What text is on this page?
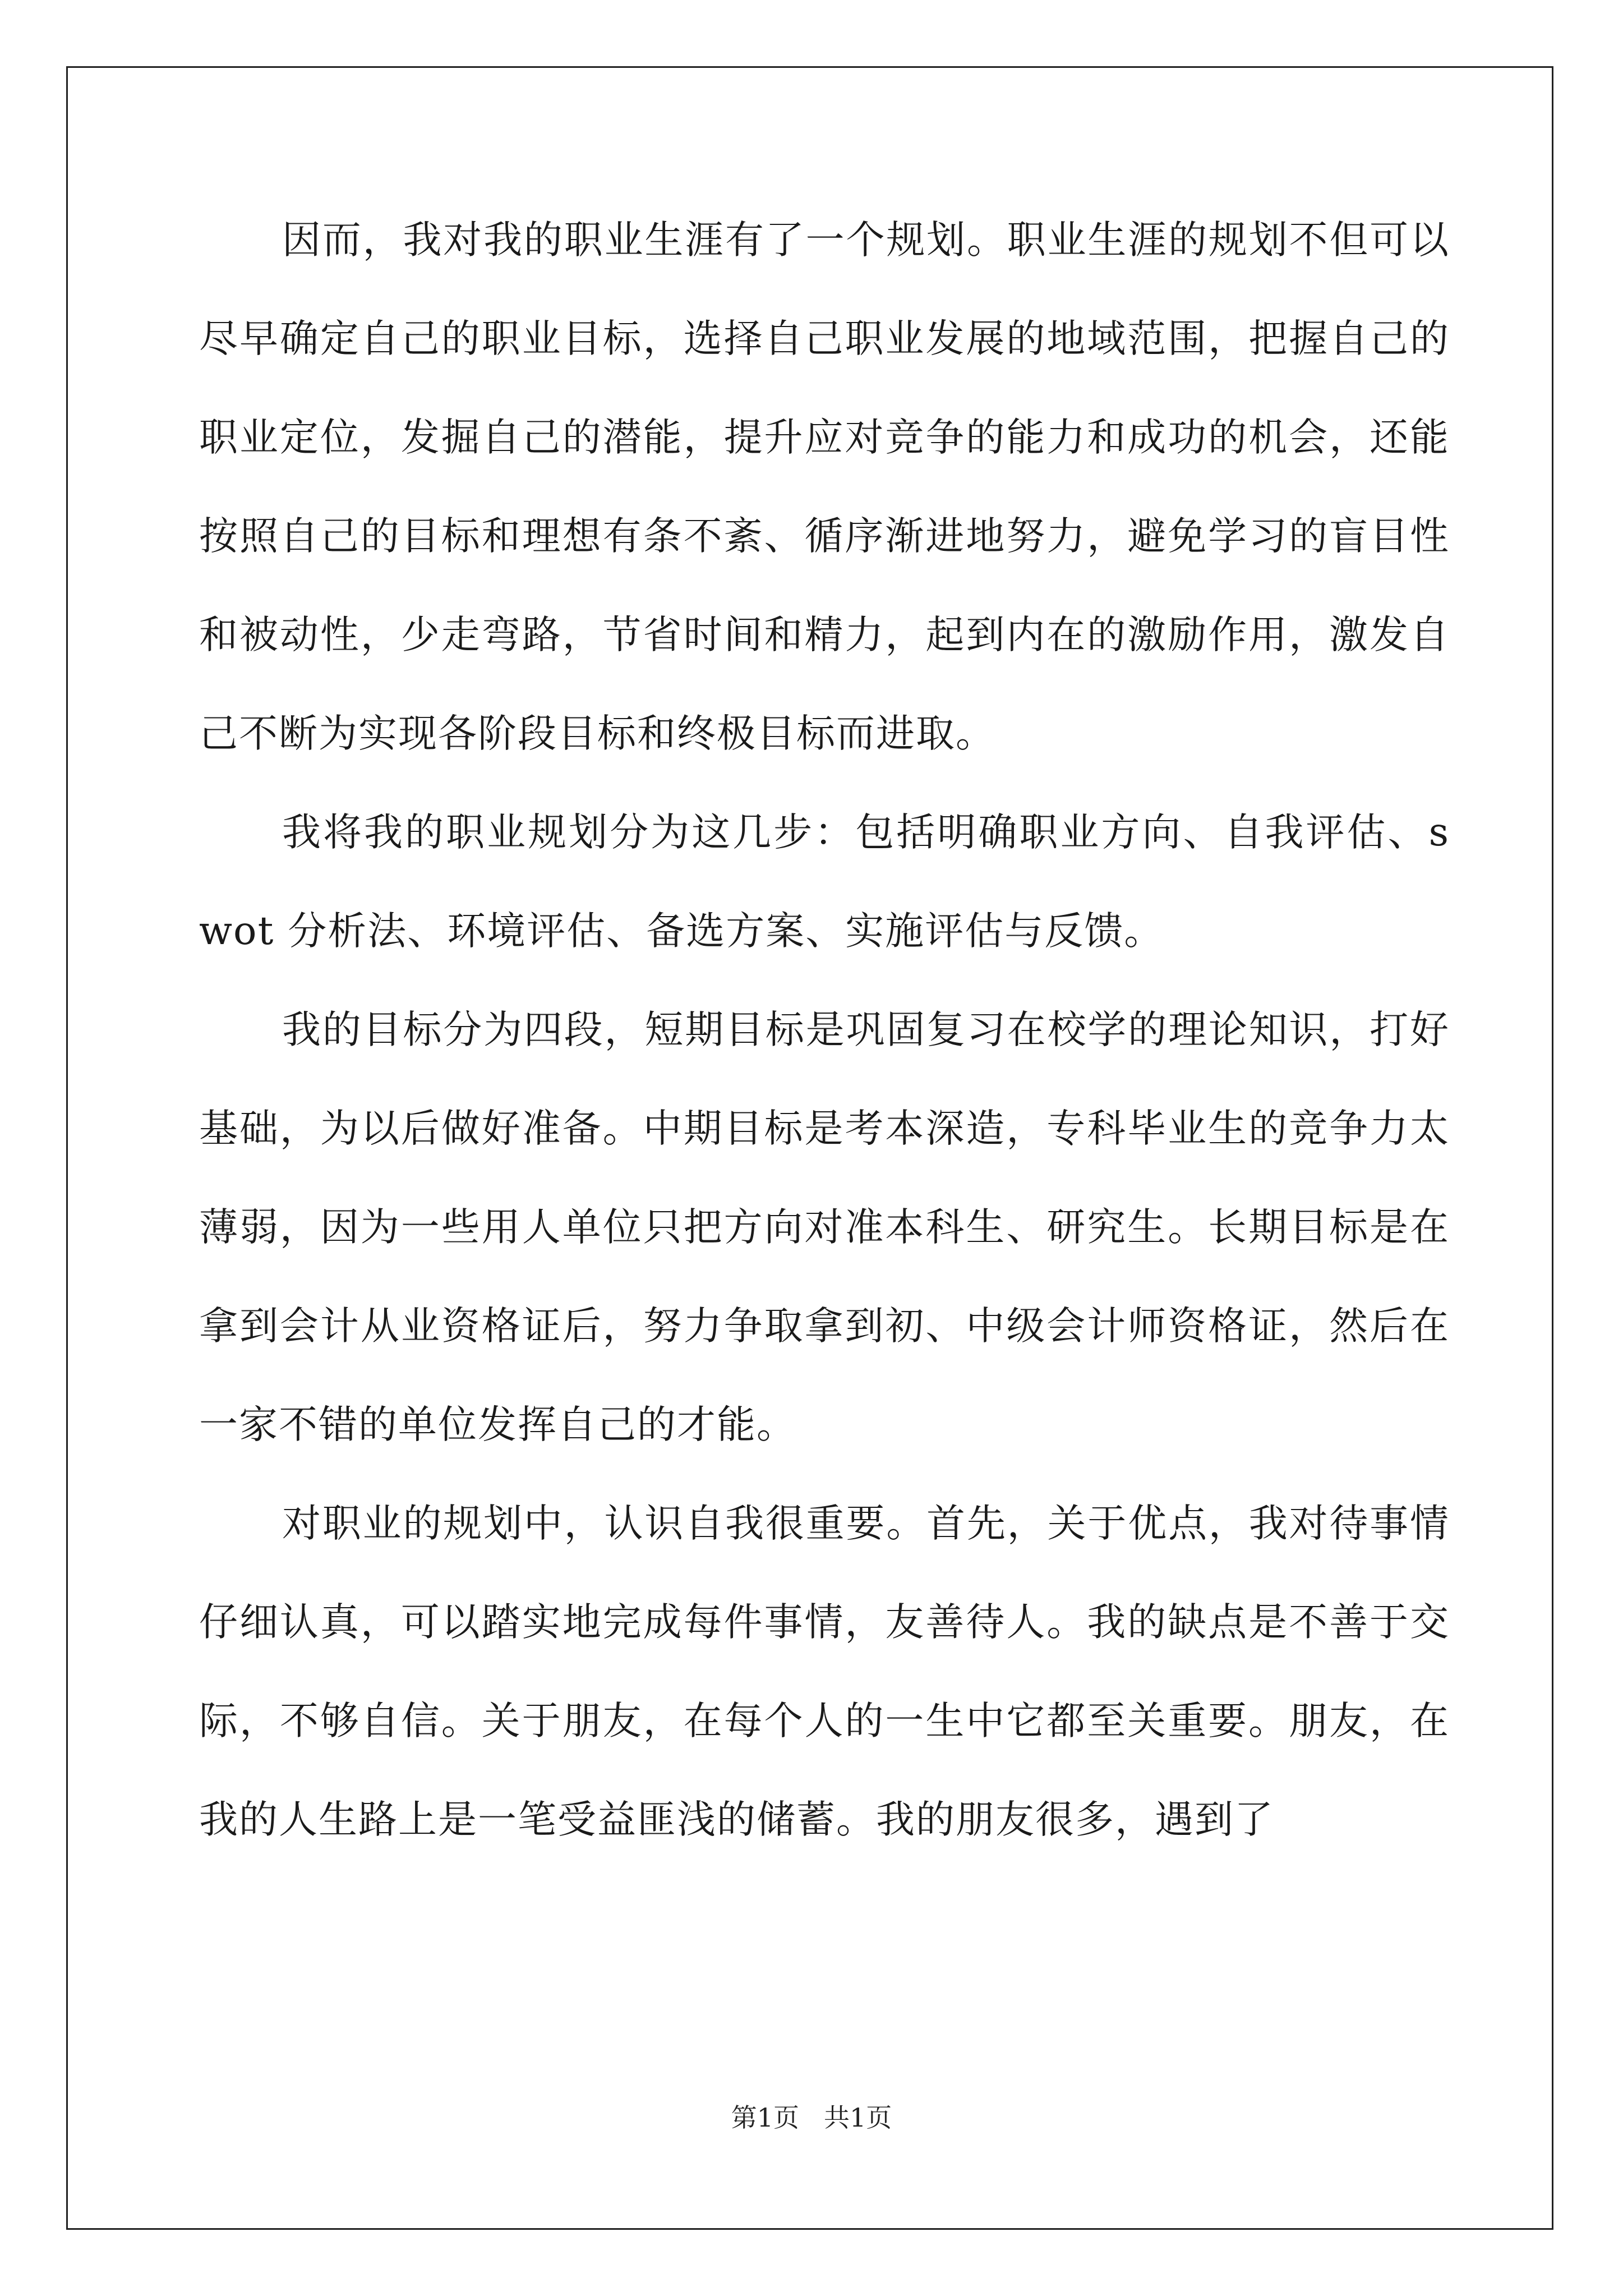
因而，我对我的职业生涯有了一个规划。职业生涯的规划不但可以尽早确定自己的职业目标，选择自己职业发展的地域范围，把握自己的职业定位，发掘自己的潜能，提升应对竞争的能力和成功的机会，还能按照自己的目标和理想有条不紊、循序渐进地努力，避免学习的盲目性和被动性，少走弯路，节省时间和精力，起到内在的激励作用，激发自己不断为实现各阶段目标和终极目标而进取。

我将我的职业规划分为这几步：包括明确职业方向、自我评估、swot 分析法、环境评估、备选方案、实施评估与反馈。

我的目标分为四段，短期目标是巩固复习在校学的理论知识，打好基础，为以后做好准备。中期目标是考本深造，专科毕业生的竞争力太薄弱，因为一些用人单位只把方向对准本科生、研究生。长期目标是在拿到会计从业资格证后，努力争取拿到初、中级会计师资格证，然后在一家不错的单位发挥自己的才能。

对职业的规划中，认识自我很重要。首先，关于优点，我对待事情仔细认真，可以踏实地完成每件事情，友善待人。我的缺点是不善于交际，不够自信。关于朋友，在每个人的一生中它都至关重要。朋友，在我的人生路上是一笔受益匪浅的储蓄。我的朋友很多，遇到了

第1页 共1页
